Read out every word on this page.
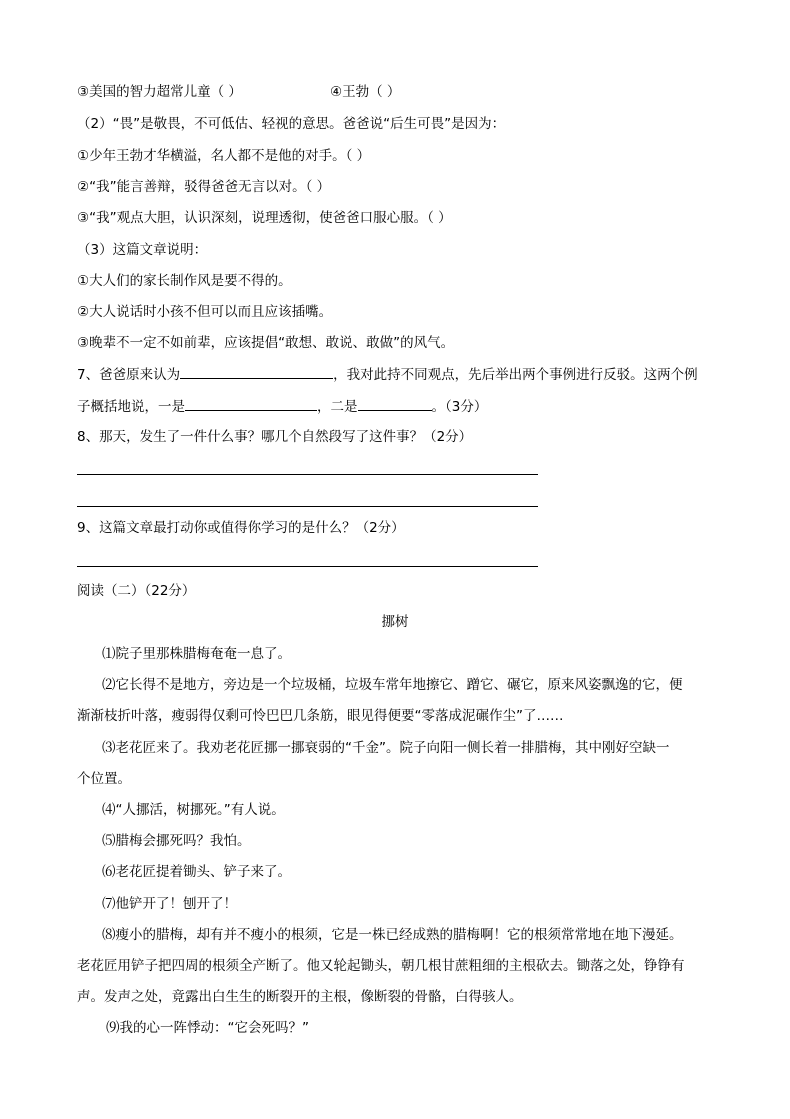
③美国的智力超常儿童（ ）	④王勃（ ）
（2）“畏”是敬畏，不可低估、轻视的意思。爸爸说“后生可畏”是因为：
①少年王勃才华横溢，名人都不是他的对手。（ ）
②“我”能言善辩，驳得爸爸无言以对。（ ）
③“我”观点大胆，认识深刻，说理透彻，使爸爸口服心服。（ ）
（3）这篇文章说明：
①大人们的家长制作风是要不得的。
②大人说话时小孩不但可以而且应该插嘴。
③晚辈不一定不如前辈，应该提倡“敢想、敢说、敢做”的风气。
7、爸爸原来认为	，我对此持不同观点，先后举出两个事例进行反驳。这两个例
子概括地说，一是	，二是	。（3分）
8、那天，发生了一件什么事？哪几个自然段写了这件事？（2分）
9、这篇文章最打动你或值得你学习的是什么？（2分）
阅读（二）（22分）
挪树
⑴院子里那株腊梅奄奄一息了。
⑵它长得不是地方，旁边是一个垃圾桶，垃圾车常年地擦它、蹭它、碾它，原来风姿飘逸的它，便
渐渐枝折叶落，瘦弱得仅剩可怜巴巴几条筋，眼见得便要“零落成泥碾作尘”了……
⑶老花匠来了。我劝老花匠挪一挪衰弱的“千金”。院子向阳一侧长着一排腊梅，其中刚好空缺一
个位置。
⑷“人挪活，树挪死。”有人说。
⑸腊梅会挪死吗？我怕。
⑹老花匠提着锄头、铲子来了。
⑺他铲开了！刨开了！
⑻瘦小的腊梅，却有并不瘦小的根须，它是一株已经成熟的腊梅啊！它的根须常常地在地下漫延。
老花匠用铲子把四周的根须全产断了。他又轮起锄头，朝几根甘蔗粗细的主根砍去。锄落之处，铮铮有
声。发声之处，竟露出白生生的断裂开的主根，像断裂的骨骼，白得骇人。
⑼我的心一阵悸动：“它会死吗？”
